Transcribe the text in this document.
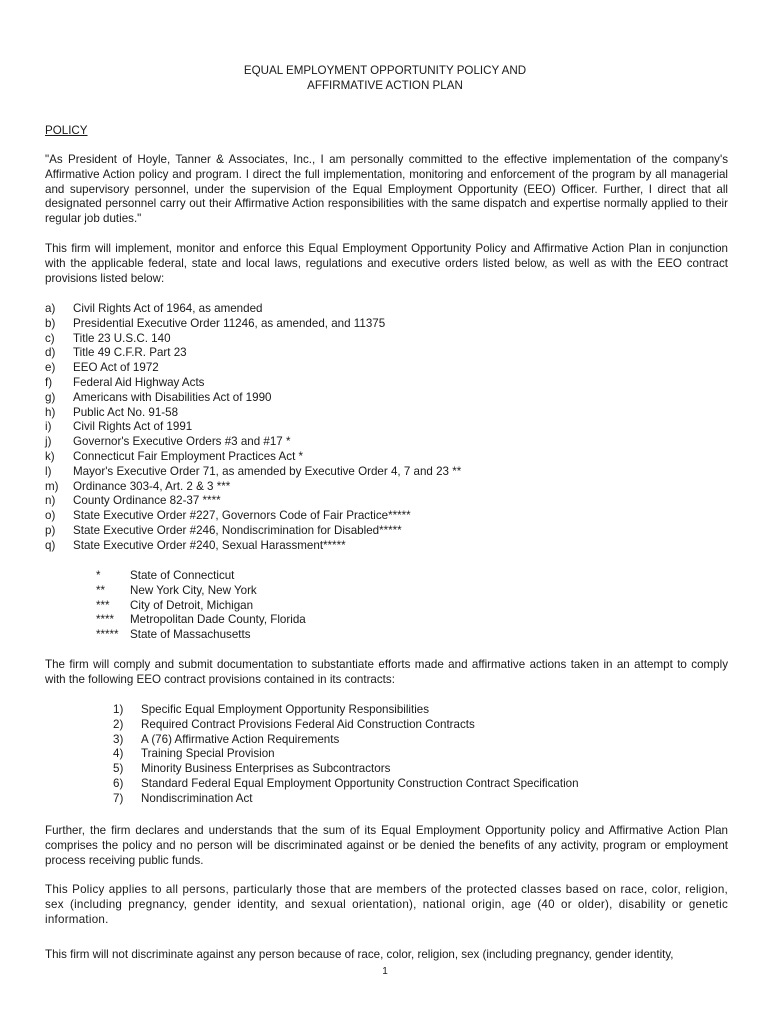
EQUAL EMPLOYMENT OPPORTUNITY POLICY AND
AFFIRMATIVE ACTION PLAN
POLICY
"As President of Hoyle, Tanner & Associates, Inc., I am personally committed to the effective implementation of the company's Affirmative Action policy and program. I direct the full implementation, monitoring and enforcement of the program by all managerial and supervisory personnel, under the supervision of the Equal Employment Opportunity (EEO) Officer. Further, I direct that all designated personnel carry out their Affirmative Action responsibilities with the same dispatch and expertise normally applied to their regular job duties."
This firm will implement, monitor and enforce this Equal Employment Opportunity Policy and Affirmative Action Plan in conjunction with the applicable federal, state and local laws, regulations and executive orders listed below, as well as with the EEO contract provisions listed below:
a)	Civil Rights Act of 1964, as amended
b)	Presidential Executive Order 11246, as amended, and 11375
c)	Title 23 U.S.C. 140
d)	Title 49 C.F.R. Part 23
e)	EEO Act of 1972
f)	Federal Aid Highway Acts
g)	Americans with Disabilities Act of 1990
h)	Public Act No. 91-58
i)	Civil Rights Act of 1991
j)	Governor's Executive Orders #3 and #17 *
k)	Connecticut Fair Employment Practices Act *
l)	Mayor's Executive Order 71, as amended by Executive Order 4, 7 and 23 **
m)	Ordinance 303-4, Art. 2 & 3 ***
n)	County Ordinance 82-37 ****
o)	State Executive Order #227, Governors Code of Fair Practice*****
p)	State Executive Order #246, Nondiscrimination for Disabled*****
q)	State Executive Order #240, Sexual Harassment*****
*	State of Connecticut
**	New York City, New York
***	City of Detroit, Michigan
****	Metropolitan Dade County, Florida
***** State of Massachusetts
The firm will comply and submit documentation to substantiate efforts made and affirmative actions taken in an attempt to comply with the following EEO contract provisions contained in its contracts:
1)	Specific Equal Employment Opportunity Responsibilities
2)	Required Contract Provisions Federal Aid Construction Contracts
3)	A (76) Affirmative Action Requirements
4)	Training Special Provision
5)	Minority Business Enterprises as Subcontractors
6)	Standard Federal Equal Employment Opportunity Construction Contract Specification
7)	Nondiscrimination Act
Further, the firm declares and understands that the sum of its Equal Employment Opportunity policy and Affirmative Action Plan comprises the policy and no person will be discriminated against or be denied the benefits of any activity, program or employment process receiving public funds.
This Policy applies to all persons, particularly those that are members of the protected classes based on race, color, religion, sex (including pregnancy, gender identity, and sexual orientation), national origin, age (40 or older), disability or genetic information.
This firm will not discriminate against any person because of race, color, religion, sex (including pregnancy, gender identity,
1
